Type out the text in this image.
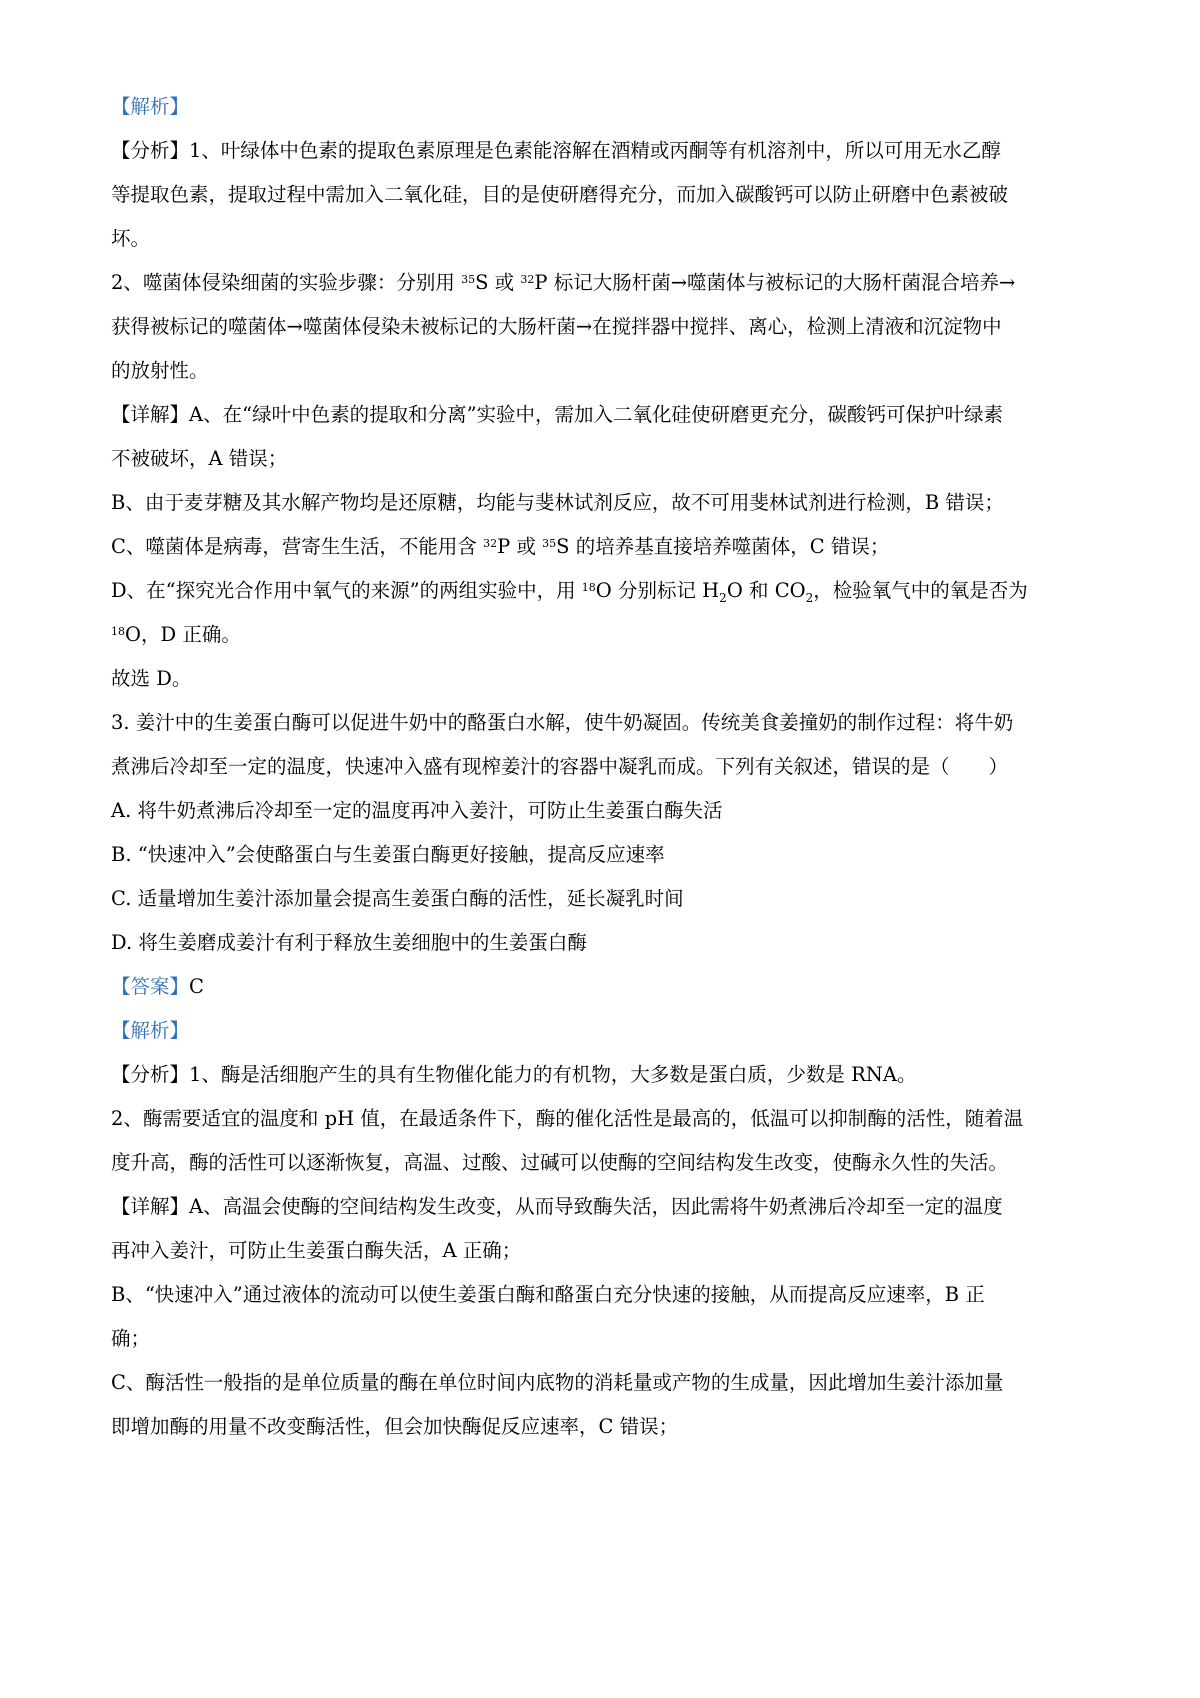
【解析】
【分析】1、叶绿体中色素的提取色素原理是色素能溶解在酒精或丙酮等有机溶剂中，所以可用无水乙醇
等提取色素，提取过程中需加入二氧化硅，目的是使研磨得充分，而加入碳酸钙可以防止研磨中色素被破
坏。
2、噬菌体侵染细菌的实验步骤：分别用 $^{35}$S 或 $^{32}$P 标记大肠杆菌→噬菌体与被标记的大肠杆菌混合培养→
获得被标记的噬菌体→噬菌体侵染未被标记的大肠杆菌→在搅拌器中搅拌、离心，检测上清液和沉淀物中
的放射性。
【详解】A、在“绿叶中色素的提取和分离”实验中，需加入二氧化硅使研磨更充分，碳酸钙可保护叶绿素
不被破坏，A 错误；
B、由于麦芽糖及其水解产物均是还原糖，均能与斐林试剂反应，故不可用斐林试剂进行检测，B 错误；
C、噬菌体是病毒，营寄生生活，不能用含 $^{32}$P 或 $^{35}$S 的培养基直接培养噬菌体，C 错误；
D、在“探究光合作用中氧气的来源”的两组实验中，用 $^{18}$O 分别标记 $H_2O$ 和 $CO_2$，检验氧气中的氧是否为
$^{18}$O，D 正确。
故选 D。
3. 姜汁中的生姜蛋白酶可以促进牛奶中的酪蛋白水解，使牛奶凝固。传统美食姜撞奶的制作过程：将牛奶
煮沸后冷却至一定的温度，快速冲入盛有现榨姜汁的容器中凝乳而成。下列有关叙述，错误的是（　　）
A. 将牛奶煮沸后冷却至一定的温度再冲入姜汁，可防止生姜蛋白酶失活
B. “快速冲入”会使酪蛋白与生姜蛋白酶更好接触，提高反应速率
C. 适量增加生姜汁添加量会提高生姜蛋白酶的活性，延长凝乳时间
D. 将生姜磨成姜汁有利于释放生姜细胞中的生姜蛋白酶
【答案】C
【解析】
【分析】1、酶是活细胞产生的具有生物催化能力的有机物，大多数是蛋白质，少数是 RNA。
2、酶需要适宜的温度和 pH 值，在最适条件下，酶的催化活性是最高的，低温可以抑制酶的活性，随着温
度升高，酶的活性可以逐渐恢复，高温、过酸、过碱可以使酶的空间结构发生改变，使酶永久性的失活。
【详解】A、高温会使酶的空间结构发生改变，从而导致酶失活，因此需将牛奶煮沸后冷却至一定的温度
再冲入姜汁，可防止生姜蛋白酶失活，A 正确；
B、“快速冲入”通过液体的流动可以使生姜蛋白酶和酪蛋白充分快速的接触，从而提高反应速率，B 正
确；
C、酶活性一般指的是单位质量的酶在单位时间内底物的消耗量或产物的生成量，因此增加生姜汁添加量
即增加酶的用量不改变酶活性，但会加快酶促反应速率，C 错误；
